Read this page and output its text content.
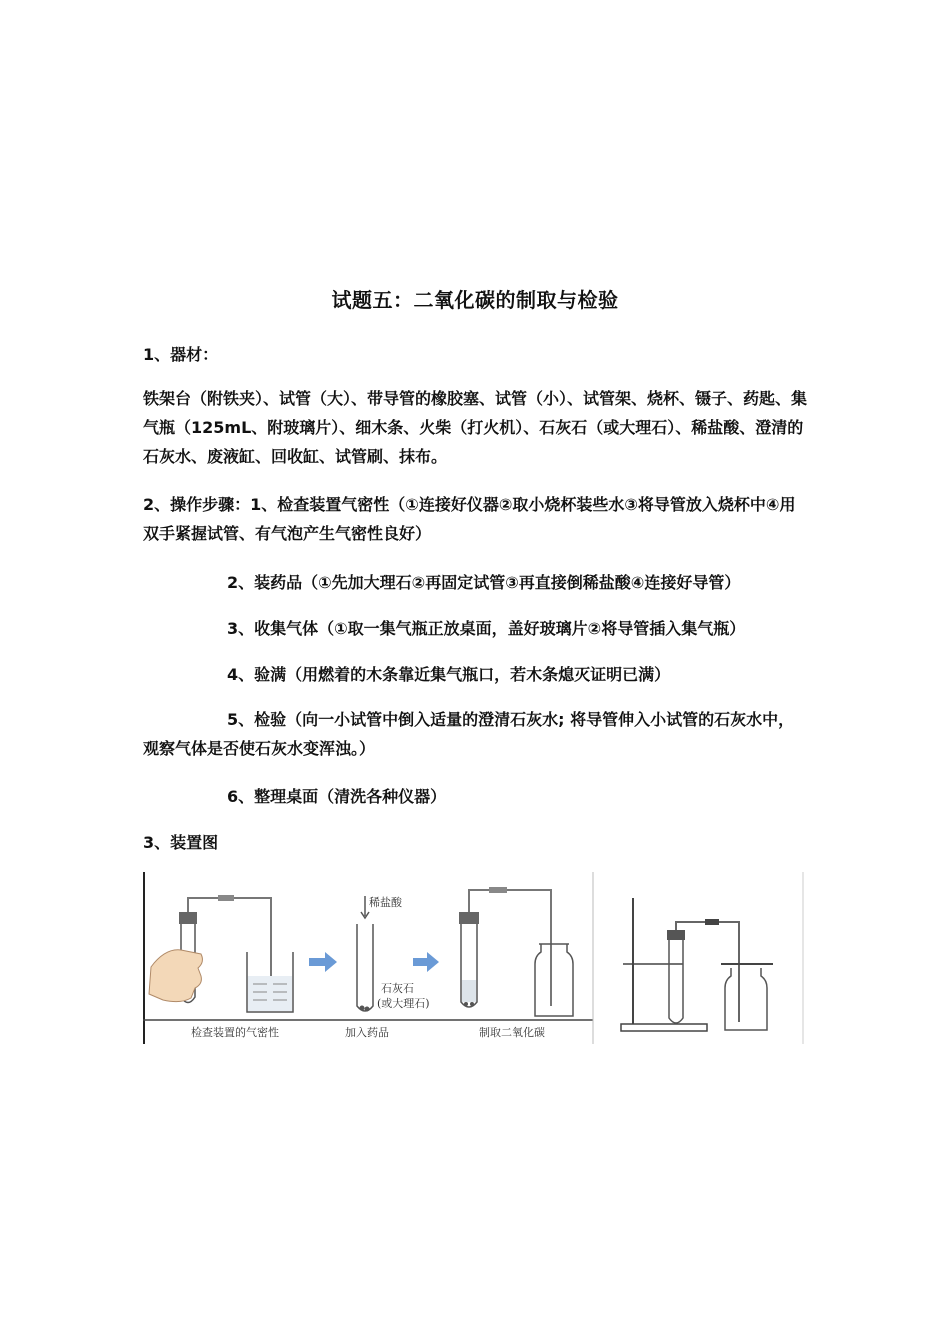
试题五：二氧化碳的制取与检验

1、器材：

铁架台（附铁夹）、试管（大）、带导管的橡胶塞、试管（小）、试管架、烧杯、镊子、药匙、集气瓶（125mL、附玻璃片）、细木条、火柴（打火机）、石灰石（或大理石）、稀盐酸、澄清的石灰水、废液缸、回收缸、试管刷、抹布。

2、操作步骤：1、检查装置气密性（①连接好仪器②取小烧杯装些水③将导管放入烧杯中④用双手紧握试管、有气泡产生气密性良好）

2、装药品（①先加大理石②再固定试管③再直接倒稀盐酸④连接好导管）

3、收集气体（①取一集气瓶正放桌面，盖好玻璃片②将导管插入集气瓶）

4、验满（用燃着的木条靠近集气瓶口，若木条熄灭证明已满）

5、检验（向一小试管中倒入适量的澄清石灰水; 将导管伸入小试管的石灰水中，观察气体是否使石灰水变浑浊。）

6、整理桌面（清洗各种仪器）

3、装置图

稀盐酸
石灰石
(或大理石)
检查装置的气密性	加入药品	制取二氧化碳
